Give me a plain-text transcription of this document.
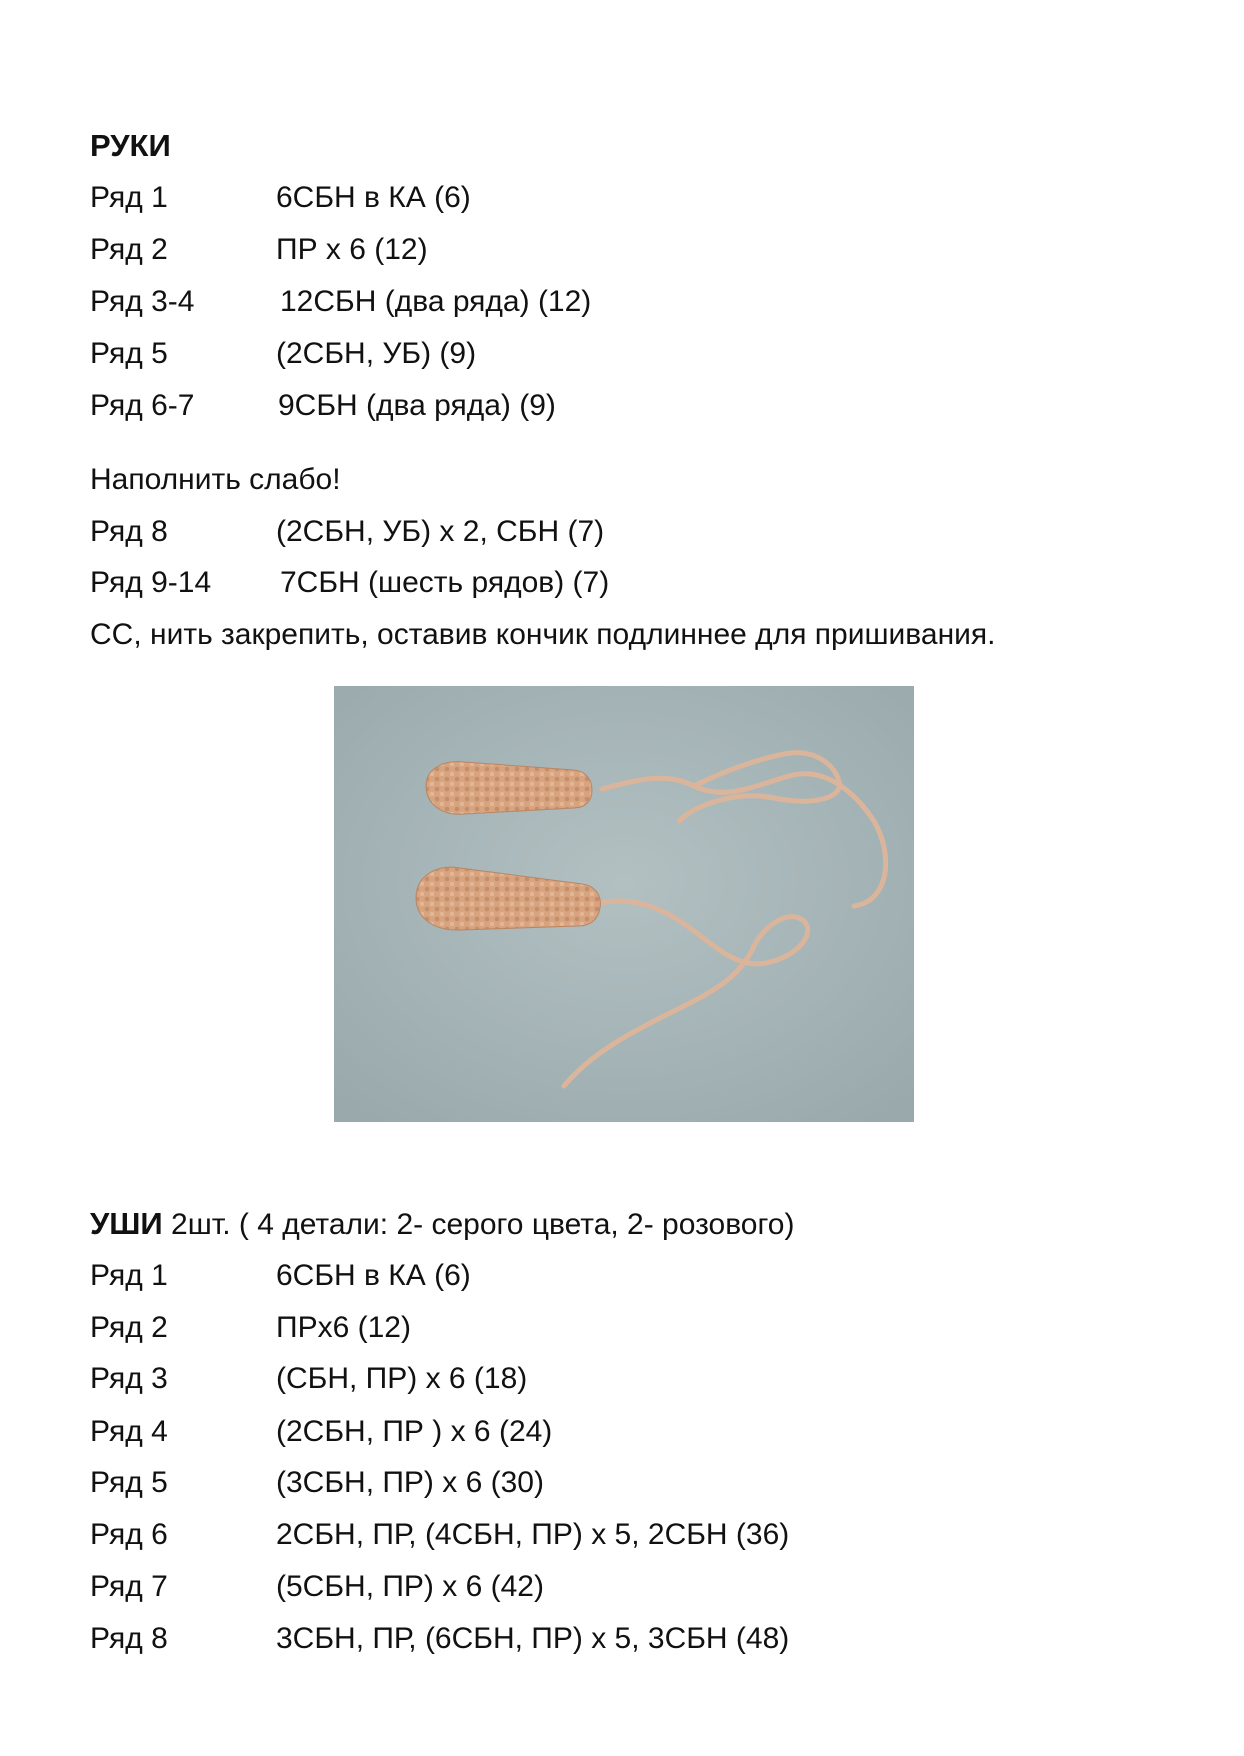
РУКИ
Ряд 1	6СБН в КА (6)
Ряд 2	ПР х 6 (12)
Ряд 3-4	12СБН (два ряда) (12)
Ряд 5	(2СБН, УБ) (9)
Ряд 6-7	9СБН (два ряда) (9)
Наполнить слабо!
Ряд 8	(2СБН, УБ) х 2, СБН (7)
Ряд 9-14 7СБН (шесть рядов) (7)
СС, нить закрепить, оставив кончик подлиннее для пришивания.
УШИ 2шт. ( 4 детали: 2- серого цвета, 2- розового)
Ряд 1	6СБН в КА (6)
Ряд 2	ПРх6 (12)
Ряд 3	(СБН, ПР) х 6 (18)
Ряд 4	(2СБН, ПР ) х 6 (24)
Ряд 5	(3СБН, ПР) х 6 (30)
Ряд 6	2СБН, ПР, (4СБН, ПР) х 5, 2СБН (36)
Ряд 7	(5СБН, ПР) х 6 (42)
Ряд 8	3СБН, ПР, (6СБН, ПР) х 5, 3СБН (48)
